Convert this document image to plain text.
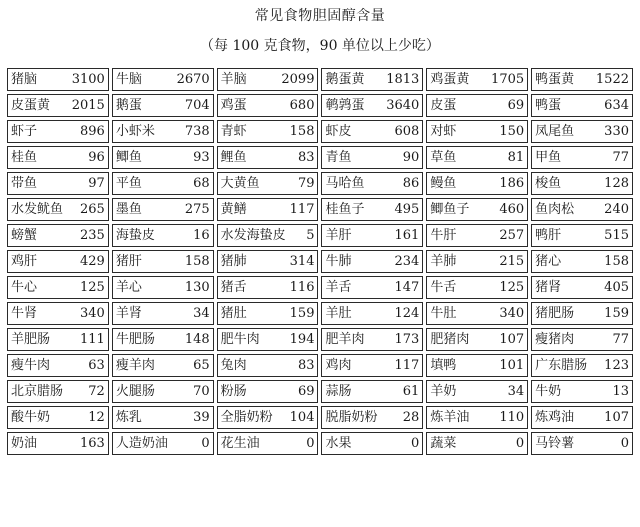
常见食物胆固醇含量
（每 100 克食物，90 单位以上少吃）
猪脑 3100	牛脑 2670	羊脑 2099	鹅蛋黄 1813	鸡蛋黄 1705	鸭蛋黄 1522

皮蛋黄 2015	鹅蛋 704	鸡蛋 680	鹌鹑蛋 3640	皮蛋 69	鸭蛋 634

虾子 896	小虾米 738	青虾 158	虾皮 608	对虾 150	凤尾鱼 330

桂鱼 96	鲫鱼 93	鲤鱼 83	青鱼 90	草鱼 81	甲鱼 77

带鱼 97	平鱼 68	大黄鱼 79	马哈鱼 86	鳗鱼 186	梭鱼 128

水发鱿鱼 265	墨鱼 275	黄鳝 117	桂鱼子 495	鲫鱼子 460	鱼肉松 240

螃蟹 235	海蛰皮 16	水发海蛰皮 5	羊肝 161	牛肝 257	鸭肝 515

鸡肝 429	猪肝 158	猪肺 314	牛肺 234	羊肺 215	猪心 158

牛心 125	羊心 130	猪舌 116	羊舌 147	牛舌 125	猪肾 405

牛肾 340	羊肾 34	猪肚 159	羊肚 124	牛肚 340	猪肥肠 159

羊肥肠 111	牛肥肠 148	肥牛肉 194	肥羊肉 173	肥猪肉 107	瘦猪肉 77

瘦牛肉 63	瘦羊肉 65	兔肉 83	鸡肉 117	填鸭 101	广东腊肠 123

北京腊肠 72	火腿肠 70	粉肠 69	蒜肠 61	羊奶 34	牛奶 13

酸牛奶 12	炼乳 39	全脂奶粉 104	脱脂奶粉 28	炼羊油 110	炼鸡油 107

奶油 163	人造奶油 0	花生油 0	水果 0	蔬菜 0	马铃薯 0
